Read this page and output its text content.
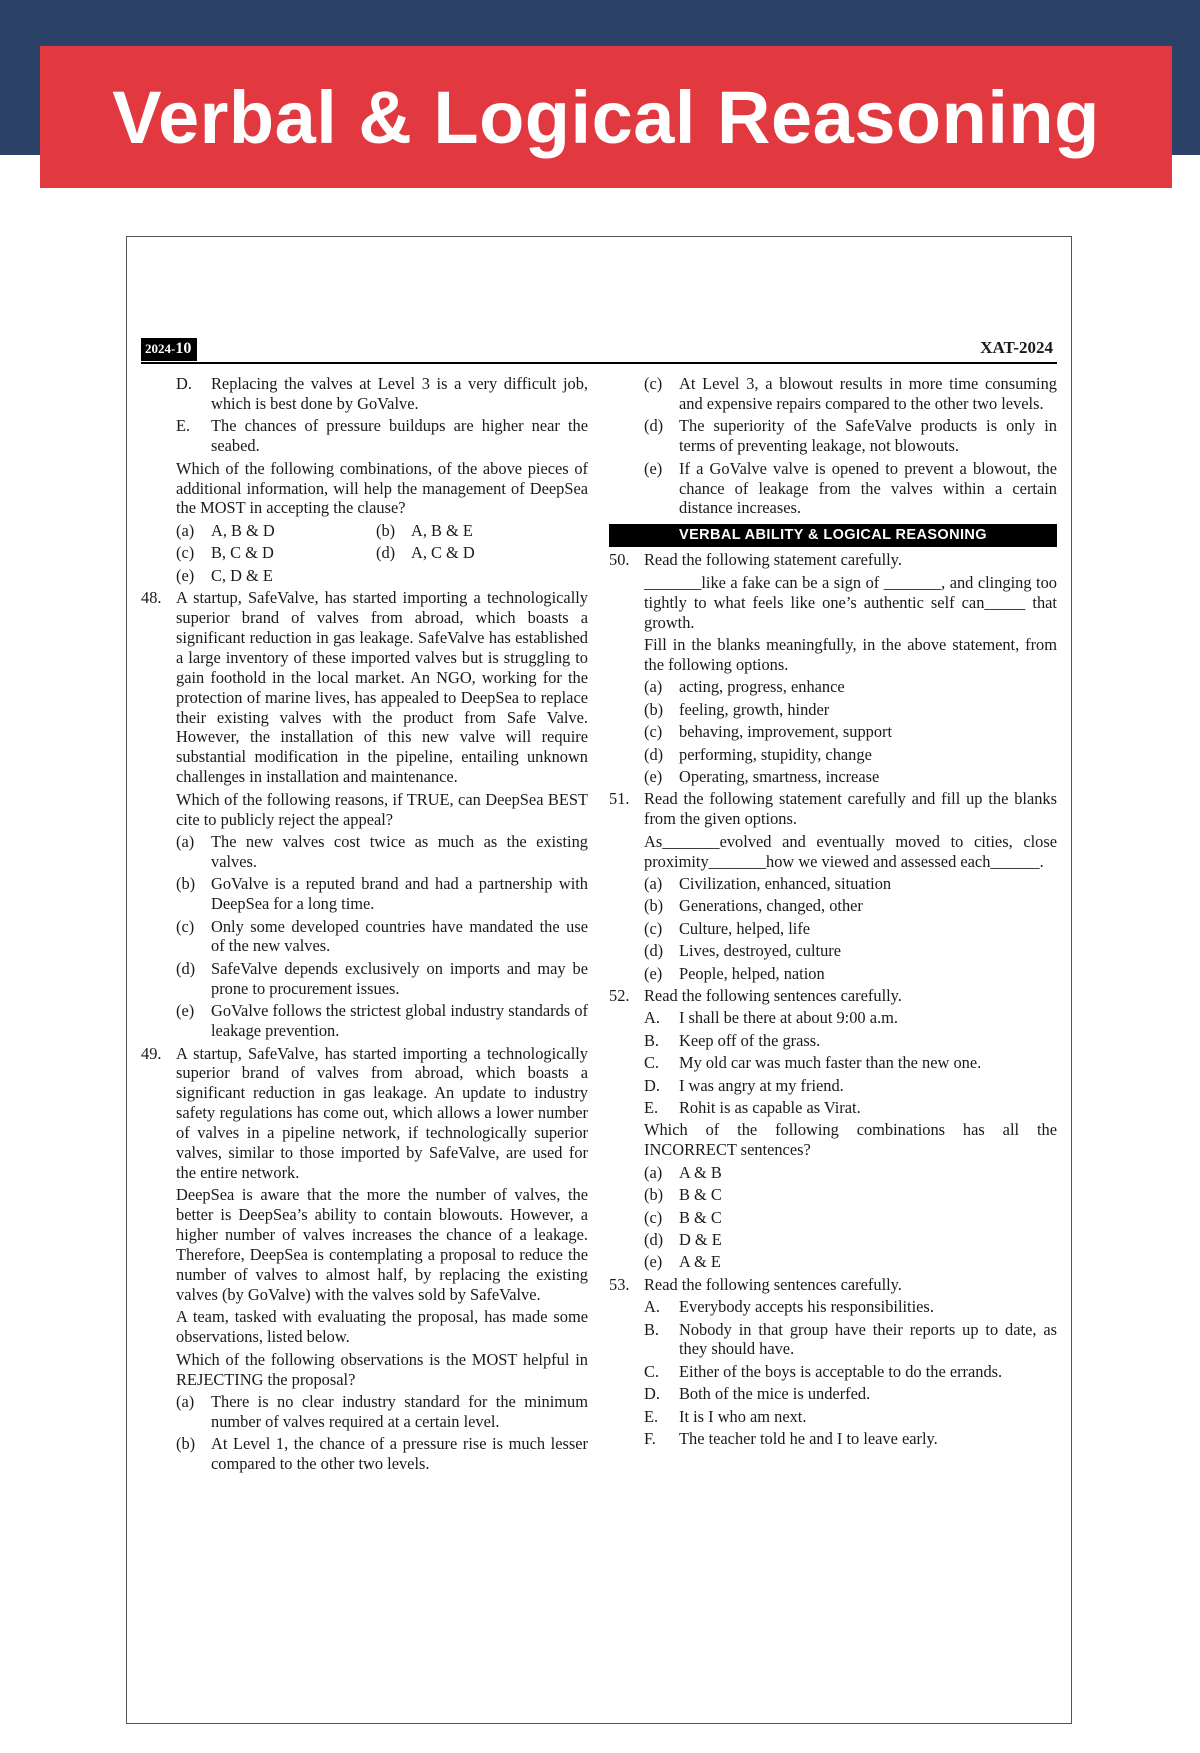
Verbal & Logical Reasoning
2024-10	XAT-2024
D.	Replacing the valves at Level 3 is a very difficult job, which is best done by GoValve.
E.	The chances of pressure buildups are higher near the seabed.
Which of the following combinations, of the above pieces of additional information, will help the management of DeepSea the MOST in accepting the clause?
(a)	A, B & D	(b) A, B & E
(c)	B, C & D	(d) A, C & D
(e)	C, D & E
48. A startup, SafeValve, has started importing a technologically superior brand of valves from abroad, which boasts a significant reduction in gas leakage. SafeValve has established a large inventory of these imported valves but is struggling to gain foothold in the local market. An NGO, working for the protection of marine lives, has appealed to DeepSea to replace their existing valves with the product from Safe Valve. However, the installation of this new valve will require substantial modification in the pipeline, entailing unknown challenges in installation and maintenance.
Which of the following reasons, if TRUE, can DeepSea BEST cite to publicly reject the appeal?
(a)	The new valves cost twice as much as the existing valves.
(b) GoValve is a reputed brand and had a partnership with DeepSea for a long time.
(c)	Only some developed countries have mandated the use of the new valves.
(d) SafeValve depends exclusively on imports and may be prone to procurement issues.
(e)	GoValve follows the strictest global industry standards of leakage prevention.
49. A startup, SafeValve, has started importing a technologically superior brand of valves from abroad, which boasts a significant reduction in gas leakage. An update to industry safety regulations has come out, which allows a lower number of valves in a pipeline network, if technologically superior valves, similar to those imported by SafeValve, are used for the entire network.
DeepSea is aware that the more the number of valves, the better is DeepSea’s ability to contain blowouts. However, a higher number of valves increases the chance of a leakage. Therefore, DeepSea is contemplating a proposal to reduce the number of valves to almost half, by replacing the existing valves (by GoValve) with the valves sold by SafeValve.
A team, tasked with evaluating the proposal, has made some observations, listed below.
Which of the following observations is the MOST helpful in REJECTING the proposal?
(a)	There is no clear industry standard for the minimum number of valves required at a certain level.
(b) At Level 1, the chance of a pressure rise is much lesser compared to the other two levels.
(c)	At Level 3, a blowout results in more time consuming and expensive repairs compared to the other two levels.
(d) The superiority of the SafeValve products is only in terms of preventing leakage, not blowouts.
(e)	If a GoValve valve is opened to prevent a blowout, the chance of leakage from the valves within a certain distance increases.
VERBAL ABILITY & LOGICAL REASONING
50. Read the following statement carefully.
_______like a fake can be a sign of _______, and clinging too tightly to what feels like one’s authentic self can_____ that growth.
Fill in the blanks meaningfully, in the above statement, from the following options.
(a)	acting, progress, enhance
(b) feeling, growth, hinder
(c)	behaving, improvement, support
(d) performing, stupidity, change
(e)	Operating, smartness, increase
51. Read the following statement carefully and fill up the blanks from the given options.
As_______evolved and eventually moved to cities, close proximity_______how we viewed and assessed each______.
(a)	Civilization, enhanced, situation
(b) Generations, changed, other
(c)	Culture, helped, life
(d) Lives, destroyed, culture
(e)	People, helped, nation
52. Read the following sentences carefully.
A.	I shall be there at about 9:00 a.m.
B.	Keep off of the grass.
C.	My old car was much faster than the new one.
D.	I was angry at my friend.
E.	Rohit is as capable as Virat.
Which of the following combinations has all the INCORRECT sentences?
(a)	A & B
(b) B & C
(c)	B & C
(d) D & E
(e)	A & E
53. Read the following sentences carefully.
A.	Everybody accepts his responsibilities.
B.	Nobody in that group have their reports up to date, as they should have.
C.	Either of the boys is acceptable to do the errands.
D.	Both of the mice is underfed.
E.	It is I who am next.
F.	The teacher told he and I to leave early.
